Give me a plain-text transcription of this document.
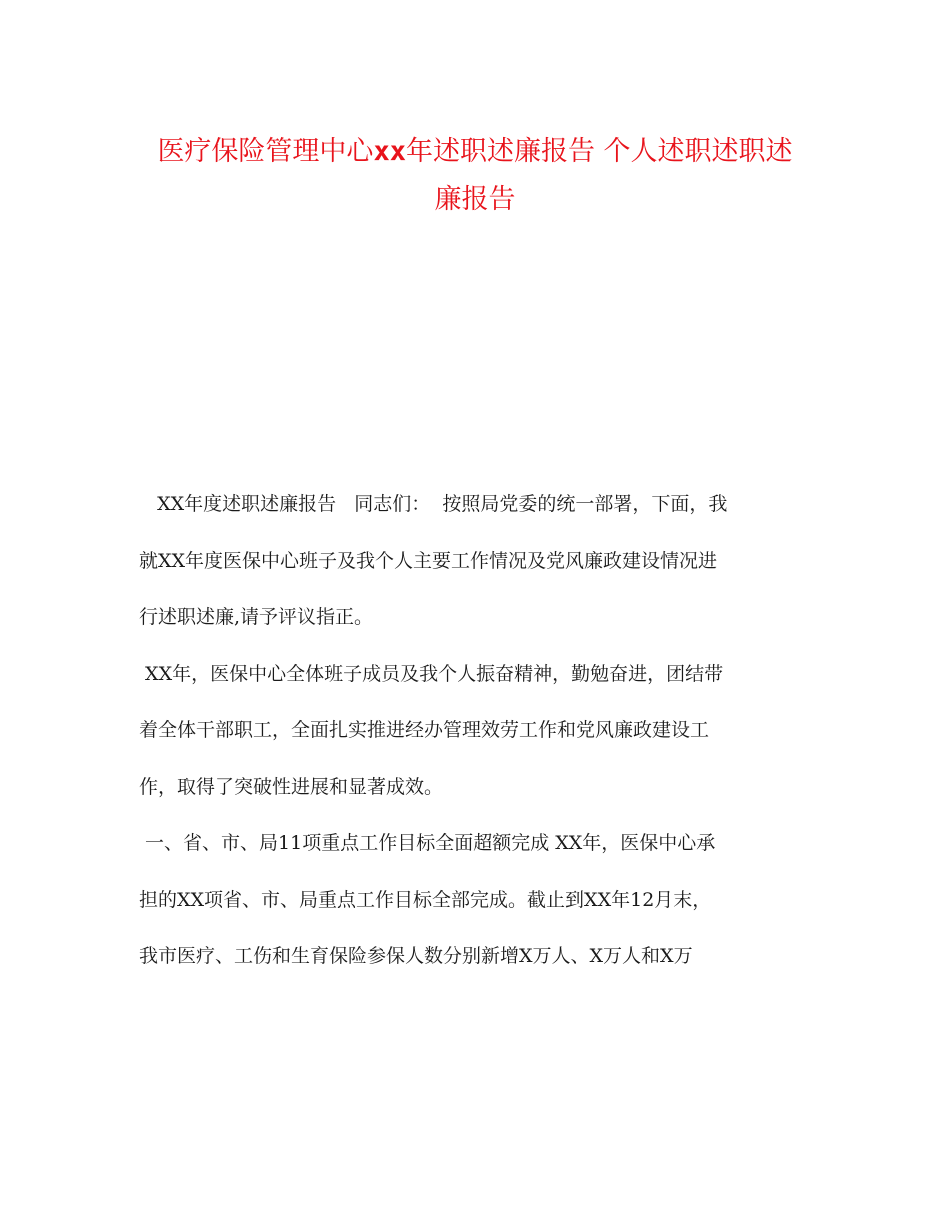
医疗保险管理中心xx年述职述廉报告 个人述职述职述
廉报告
XX年度述职述廉报告   同志们：  按照局党委的统一部署，下面，我
就XX年度医保中心班子及我个人主要工作情况及党风廉政建设情况进
行述职述廉,请予评议指正。
XX年，医保中心全体班子成员及我个人振奋精神，勤勉奋进，团结带
着全体干部职工，全面扎实推进经办管理效劳工作和党风廉政建设工
作，取得了突破性进展和显著成效。
一、省、市、局11项重点工作目标全面超额完成 XX年，医保中心承
担的XX项省、市、局重点工作目标全部完成。截止到XX年12月末，
我市医疗、工伤和生育保险参保人数分别新增X万人、X万人和X万
